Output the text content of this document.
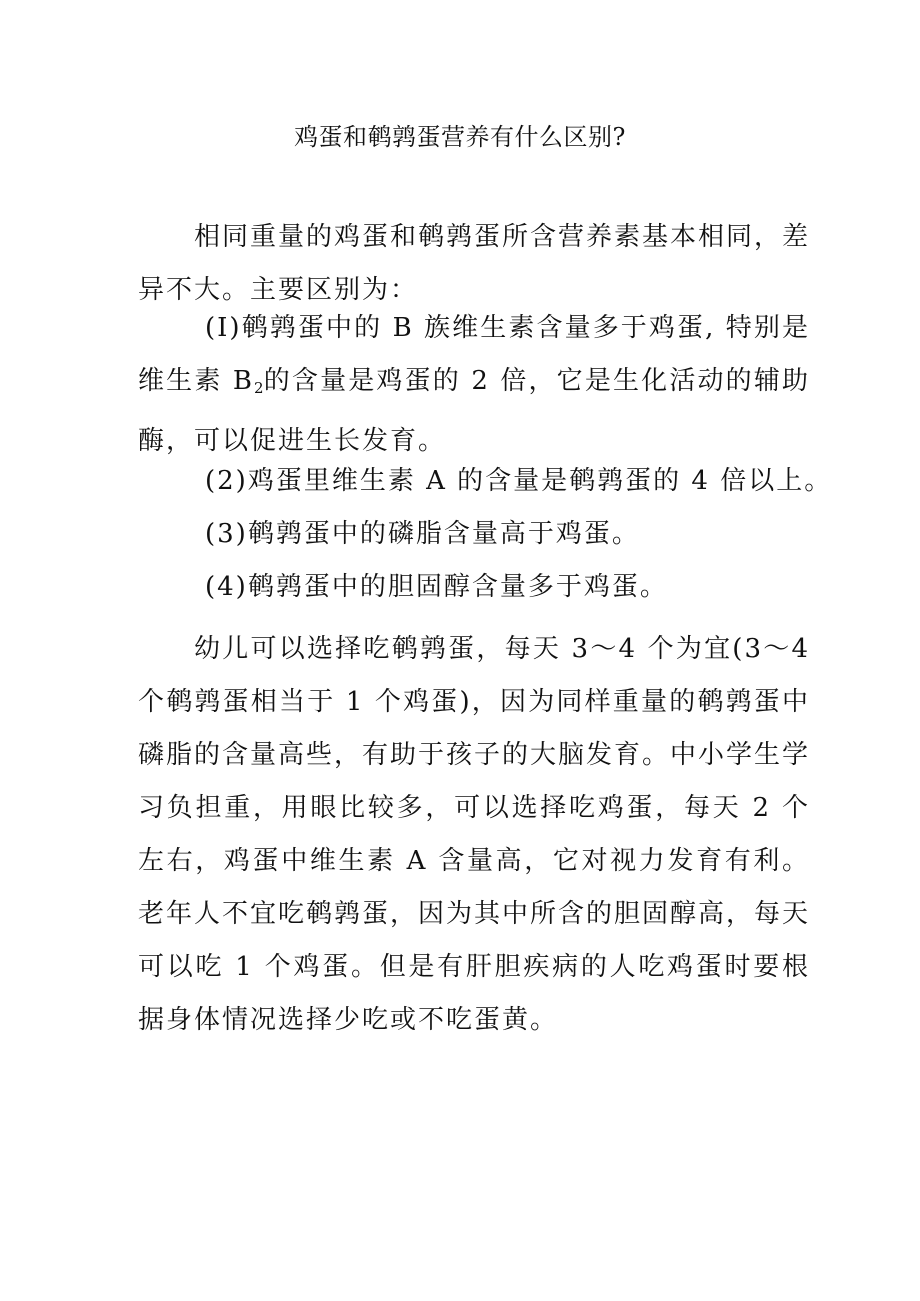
鸡蛋和鹌鹑蛋营养有什么区别?

相同重量的鸡蛋和鹌鹑蛋所含营养素基本相同，差异不大。主要区别为：

(I)鹌鹑蛋中的 B 族维生素含量多于鸡蛋, 特别是维生素 $B_2$的含量是鸡蛋的 2 倍，它是生化活动的辅助酶，可以促进生长发育。

(2)鸡蛋里维生素 A 的含量是鹌鹑蛋的 4 倍以上。

(3)鹌鹑蛋中的磷脂含量高于鸡蛋。

(4)鹌鹑蛋中的胆固醇含量多于鸡蛋。

幼儿可以选择吃鹌鹑蛋，每天 3～4 个为宜(3～4 个鹌鹑蛋相当于 1 个鸡蛋)，因为同样重量的鹌鹑蛋中磷脂的含量高些，有助于孩子的大脑发育。中小学生学习负担重，用眼比较多，可以选择吃鸡蛋，每天 2 个左右，鸡蛋中维生素 A 含量高，它对视力发育有利。老年人不宜吃鹌鹑蛋，因为其中所含的胆固醇高，每天可以吃 1 个鸡蛋。但是有肝胆疾病的人吃鸡蛋时要根据身体情况选择少吃或不吃蛋黄。
